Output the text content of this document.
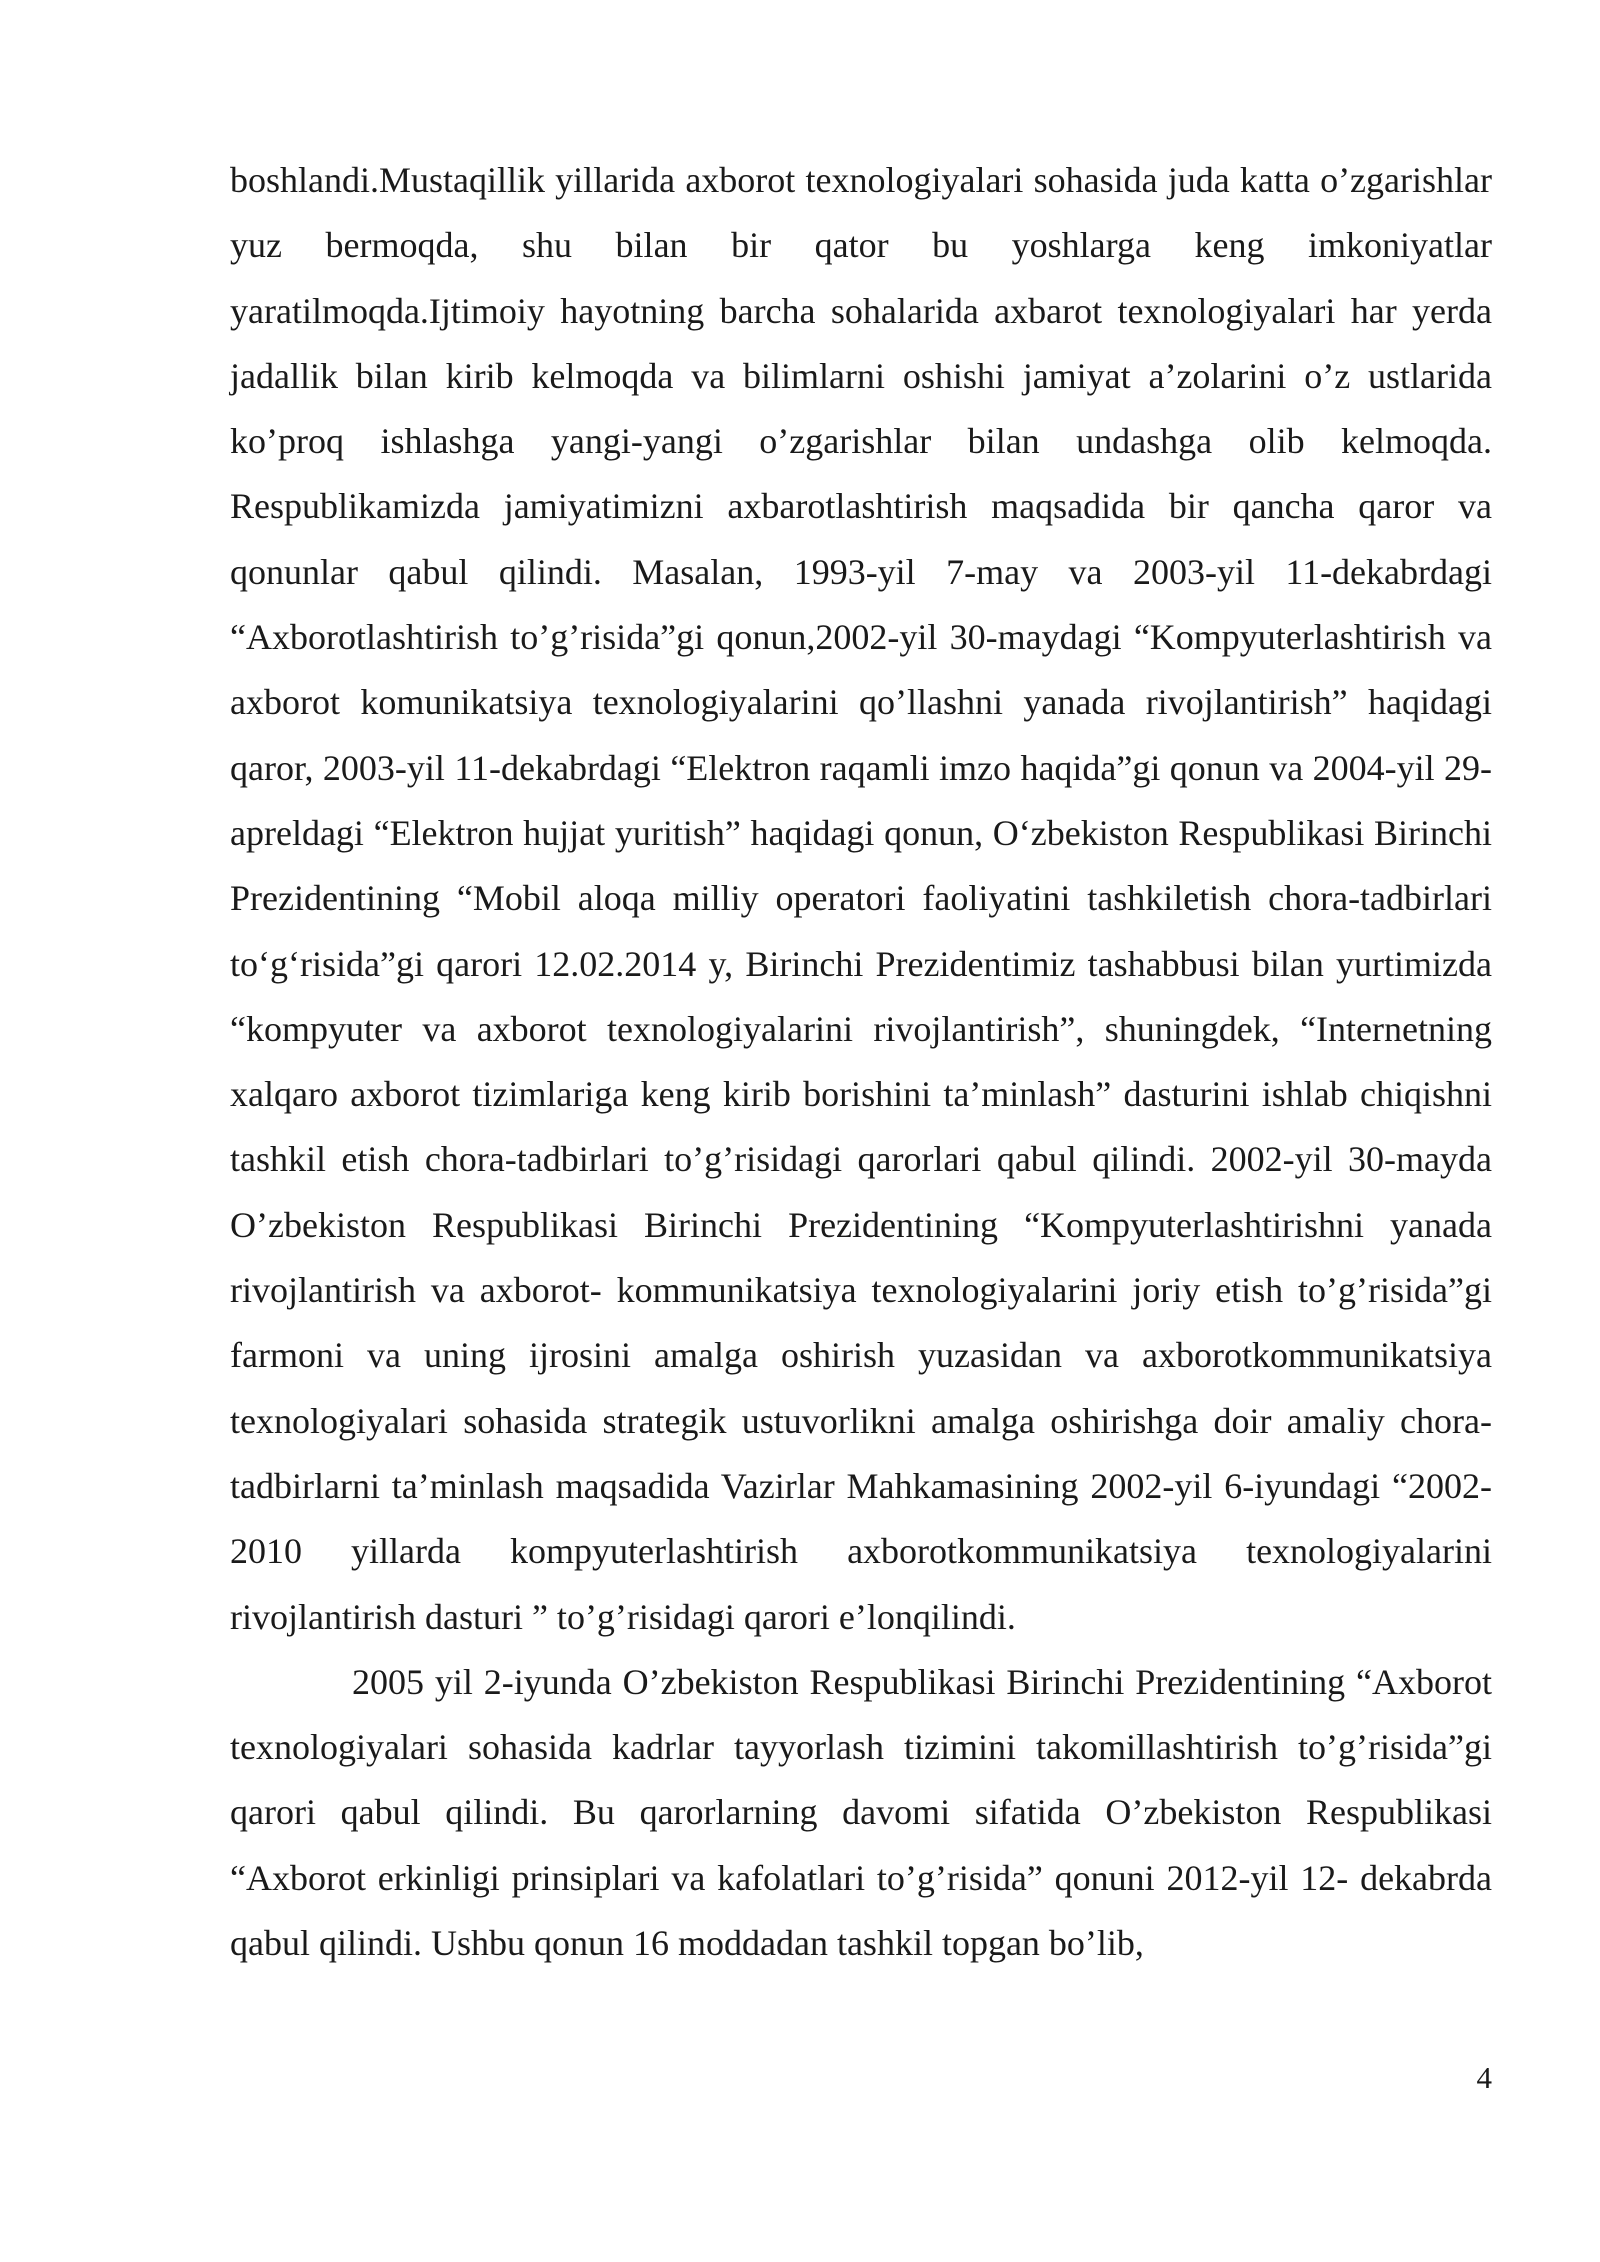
boshlandi.Mustaqillik yillarida axborot texnologiyalari sohasida juda katta o’zgarishlar yuz bermoqda, shu bilan bir qator bu yoshlarga keng imkoniyatlar yaratilmoqda.Ijtimoiy hayotning barcha sohalarida axbarot texnologiyalari har yerda jadallik bilan kirib kelmoqda va bilimlarni oshishi jamiyat a’zolarini o’z ustlarida ko’proq ishlashga yangi-yangi o’zgarishlar bilan undashga olib kelmoqda. Respublikamizda jamiyatimizni axbarotlashtirish maqsadida bir qancha qaror va qonunlar qabul qilindi. Masalan, 1993-yil 7-may va 2003-yil 11-dekabrdagi “Axborotlashtirish to’g’risida”gi qonun,2002-yil 30-maydagi “Kompyuterlashtirish va axborot komunikatsiya texnologiyalarini qo’llashni yanada rivojlantirish” haqidagi qaror, 2003-yil 11-dekabrdagi “Elektron raqamli imzo haqida”gi qonun va 2004-yil 29-apreldagi “Elektron hujjat yuritish” haqidagi qonun, O‘zbekiston Respublikasi Birinchi Prezidentining “Mobil aloqa milliy operatori faoliyatini tashkiletish chora-tadbirlari to‘g‘risida”gi qarori 12.02.2014 y, Birinchi Prezidentimiz tashabbusi bilan yurtimizda “kompyuter va axborot texnologiyalarini rivojlantirish”, shuningdek, “Internetning xalqaro axborot tizimlariga keng kirib borishini ta’minlash” dasturini ishlab chiqishni tashkil etish chora-tadbirlari to’g’risidagi qarorlari qabul qilindi. 2002-yil 30-mayda O’zbekiston Respublikasi Birinchi Prezidentining “Kompyuterlashtirishni yanada rivojlantirish va axborot- kommunikatsiya texnologiyalarini joriy etish to’g’risida”gi farmoni va uning ijrosini amalga oshirish yuzasidan va axborotkommunikatsiya texnologiyalari sohasida strategik ustuvorlikni amalga oshirishga doir amaliy chora-tadbirlarni ta’minlash maqsadida Vazirlar Mahkamasining 2002-yil 6-iyundagi “2002-2010 yillarda kompyuterlashtirish axborotkommunikatsiya texnologiyalarini rivojlantirish dasturi ” to’g’risidagi qarori e’lonqilindi.

2005 yil 2-iyunda O’zbekiston Respublikasi Birinchi Prezidentining “Axborot texnologiyalari sohasida kadrlar tayyorlash tizimini takomillashtirish to’g’risida”gi qarori qabul qilindi. Bu qarorlarning davomi sifatida O’zbekiston Respublikasi “Axborot erkinligi prinsiplari va kafolatlari to’g’risida” qonuni 2012-yil 12- dekabrda qabul qilindi. Ushbu qonun 16 moddadan tashkil topgan bo’lib,

4
